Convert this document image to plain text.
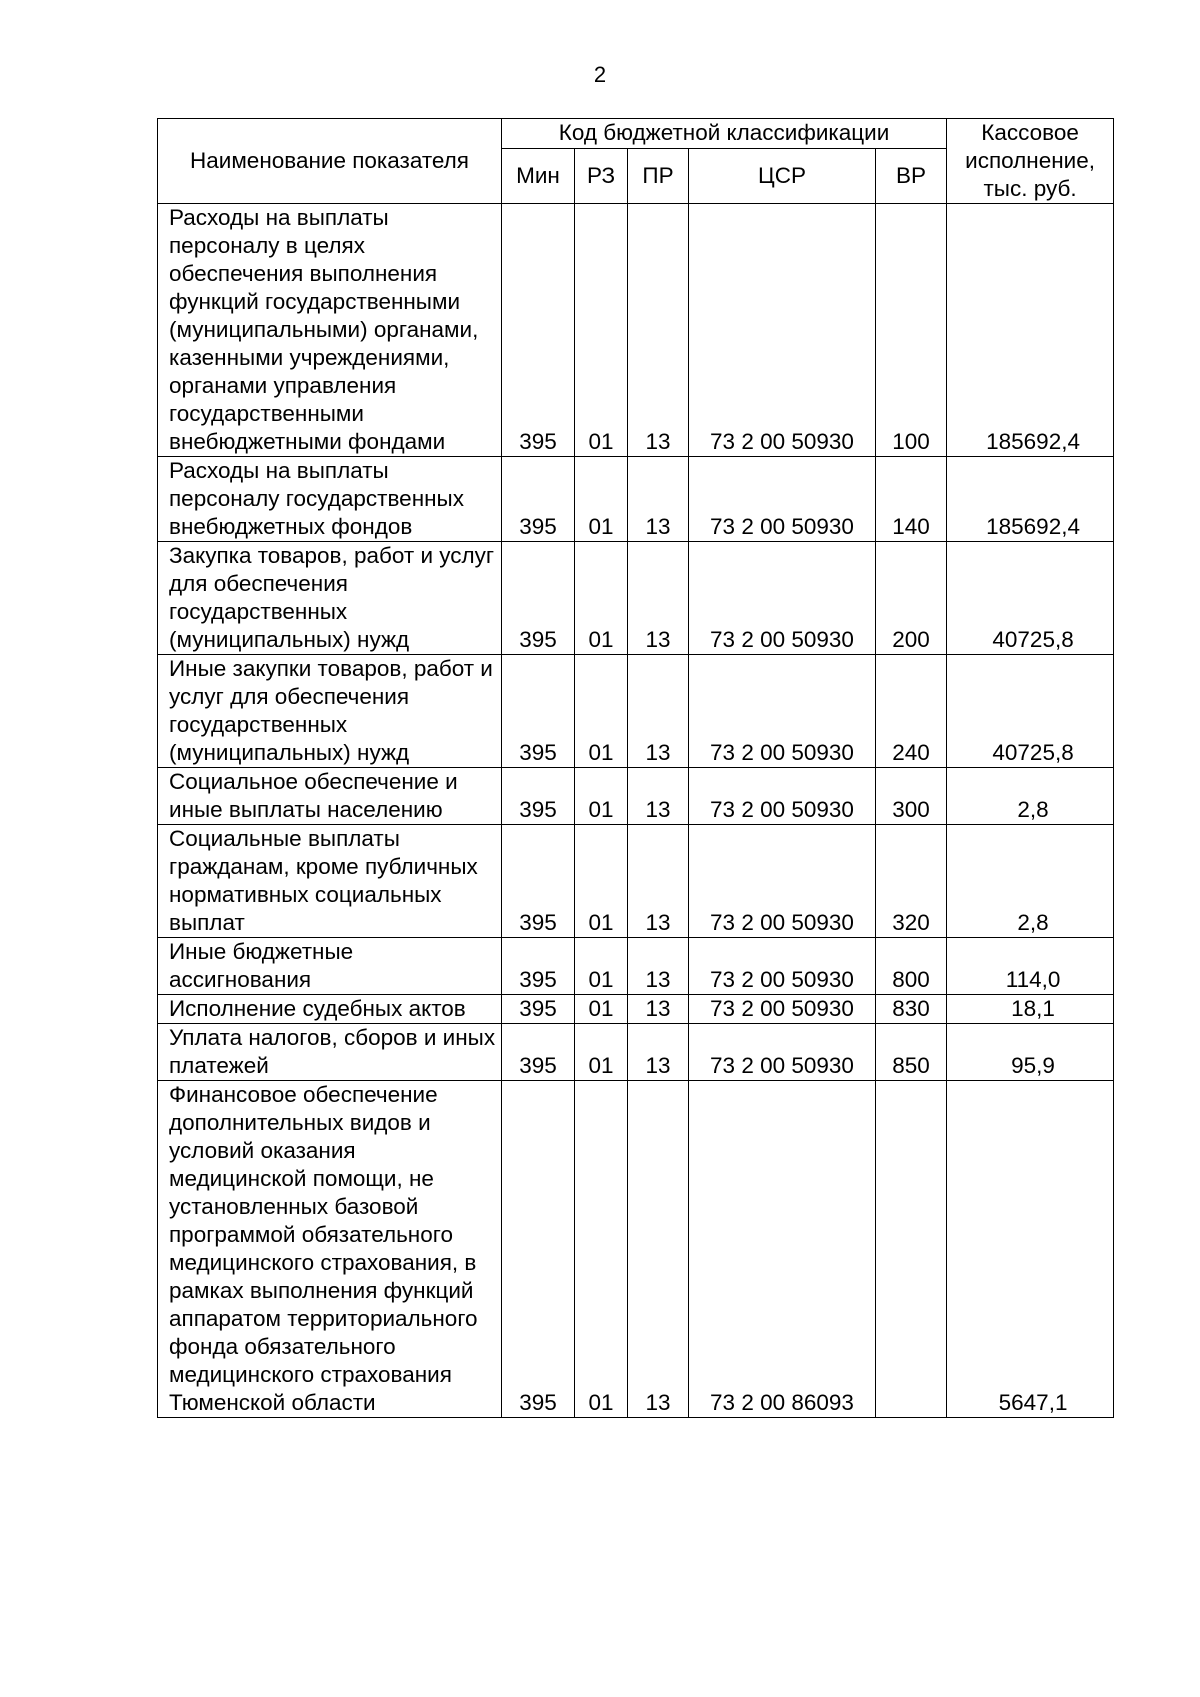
2
Наименование показателя	Код бюджетной классификации					Кассовое исполнение, тыс. руб.
	Мин	РЗ	ПР	ЦСР	ВР	
Расходы на выплаты персоналу в целях обеспечения выполнения функций государственными (муниципальными) органами, казенными учреждениями, органами управления государственными внебюджетными фондами	395	01	13	73 2 00 50930	100	185692,4
Расходы на выплаты персоналу государственных внебюджетных фондов	395	01	13	73 2 00 50930	140	185692,4
Закупка товаров, работ и услуг для обеспечения государственных (муниципальных) нужд	395	01	13	73 2 00 50930	200	40725,8
Иные закупки товаров, работ и услуг для обеспечения государственных (муниципальных) нужд	395	01	13	73 2 00 50930	240	40725,8
Социальное обеспечение и иные выплаты населению	395	01	13	73 2 00 50930	300	2,8
Социальные выплаты гражданам, кроме публичных нормативных социальных выплат	395	01	13	73 2 00 50930	320	2,8
Иные бюджетные ассигнования	395	01	13	73 2 00 50930	800	114,0
Исполнение судебных актов	395	01	13	73 2 00 50930	830	18,1
Уплата налогов, сборов и иных платежей	395	01	13	73 2 00 50930	850	95,9
Финансовое обеспечение дополнительных видов и условий оказания медицинской помощи, не установленных базовой программой обязательного медицинского страхования, в рамках выполнения функций аппаратом территориального фонда обязательного медицинского страхования Тюменской области	395	01	13	73 2 00 86093		5647,1
